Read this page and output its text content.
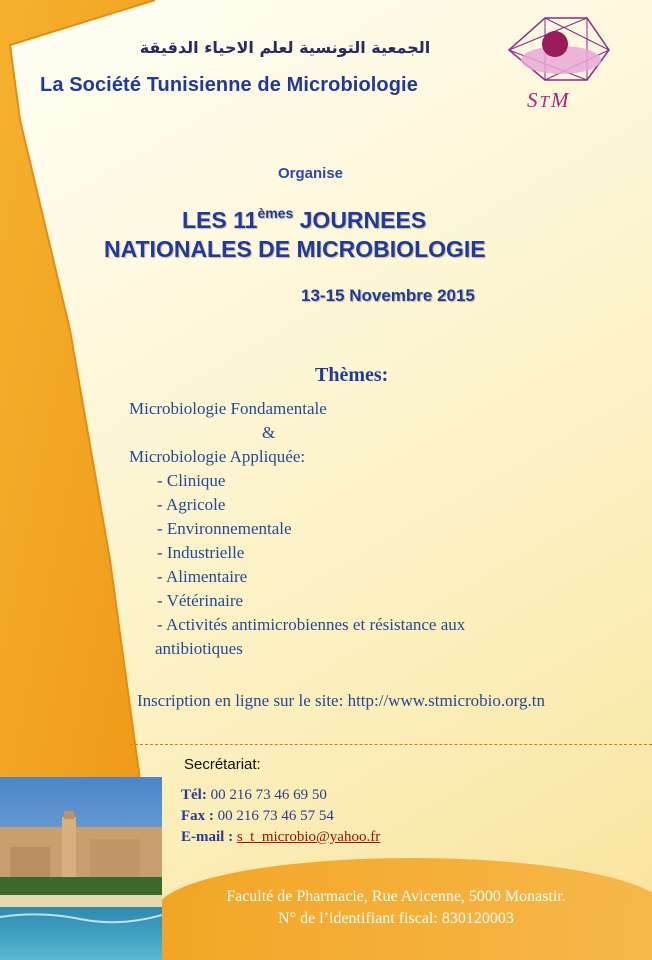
الجمعية التونسية لعلم الاحياء الدقيقة
La Société Tunisienne de Microbiologie
STM
Organise
LES 11èmes JOURNEES
NATIONALES DE MICROBIOLOGIE
13-15 Novembre 2015
Thèmes:
Microbiologie Fondamentale
&
Microbiologie Appliquée:
- Clinique
- Agricole
- Environnementale
- Industrielle
- Alimentaire
- Vétérinaire
- Activités antimicrobiennes et résistance aux
antibiotiques
Inscription en ligne sur le site: http://www.stmicrobio.org.tn
Secrétariat:
Tél: 00 216 73 46 69 50
Fax : 00 216 73 46 57 54
E-mail : s_t_microbio@yahoo.fr
Faculté de Pharmacie, Rue Avicenne, 5000 Monastir.
N° de l’identifiant fiscal: 830120003
